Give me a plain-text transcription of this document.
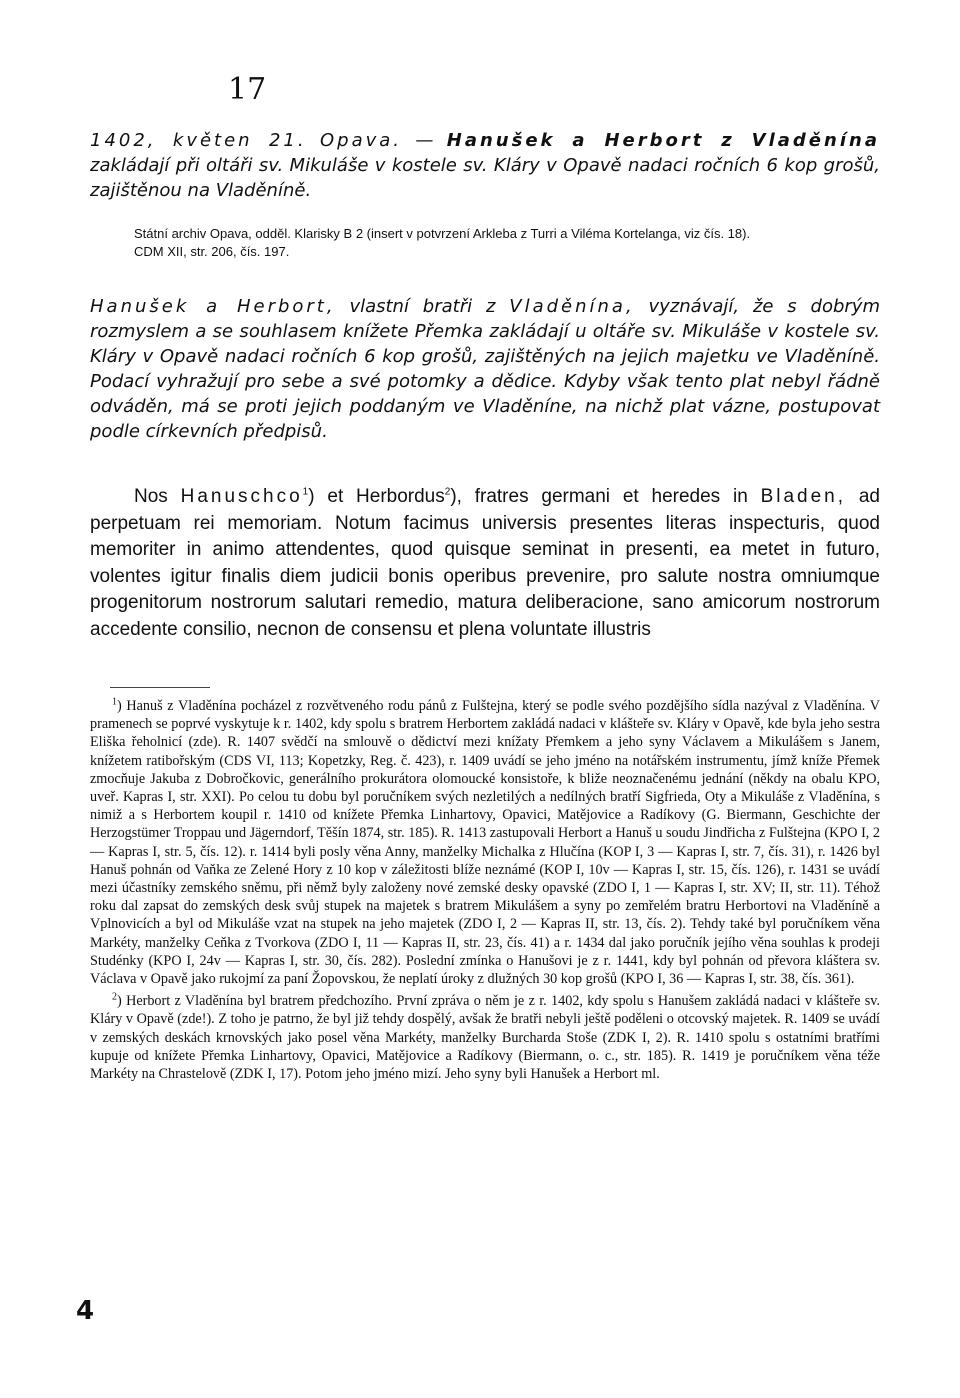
17
1402, květen 21. Opava. — Hanušek a Herbort z Vladěnína zakládají při oltáři sv. Mikuláše v kostele sv. Kláry v Opavě nadaci ročních 6 kop grošů, zajištěnou na Vladěníně.
Státní archiv Opava, odděl. Klarisky B 2 (insert v potvrzení Arkleba z Turri a Viléma Kortelanga, viz čís. 18).
CDM XII, str. 206, čís. 197.
Hanušek a Herbort, vlastní bratři z Vladěnína, vyznávají, že s dobrým rozmyslem a se souhlasem knížete Přemka zakládají u oltáře sv. Mikuláše v kostele sv. Kláry v Opavě nadaci ročních 6 kop grošů, zajištěných na jejich majetku ve Vladěníně. Podací vyhražují pro sebe a své potomky a dědice. Kdyby však tento plat nebyl řádně odváděn, má se proti jejich poddaným ve Vladěníne, na nichž plat vázne, postupovat podle církevních předpisů.
Nos Hanuschco$^1$) et Herbordus$^2$), fratres germani et heredes in Bladen, ad perpetuam rei memoriam. Notum facimus universis presentes literas inspecturis, quod memoriter in animo attendentes, quod quisque seminat in presenti, ea metet in futuro, volentes igitur finalis diem judicii bonis operibus prevenire, pro salute nostra omniumque progenitorum nostrorum salutari remedio, matura deliberacione, sano amicorum nostrorum accedente consilio, necnon de consensu et plena voluntate illustris

$^1$) Hanuš z Vladěnína pocházel z rozvětveného rodu pánů z Fulštejna, který se podle svého pozdějšího sídla nazýval z Vladěnína. V pramenech se poprvé vyskytuje k r. 1402, kdy spolu s bratrem Herbortem zakládá nadaci v klášteře sv. Kláry v Opavě, kde byla jeho sestra Eliška řeholnicí (zde). R. 1407 svědčí na smlouvě o dědictví mezi knížaty Přemkem a jeho syny Václavem a Mikulášem s Janem, knížetem ratibořským (CDS VI, 113; Kopetzky, Reg. č. 423), r. 1409 uvádí se jeho jméno na notářském instrumentu, jímž kníže Přemek zmocňuje Jakuba z Dobročkovic, generálního prokurátora olomoucké konsistoře, k bliže neoznačenému jednání (někdy na obalu KPO, uveř. Kapras I, str. XXI). Po celou tu dobu byl poručníkem svých nezletilých a nedílných bratří Sigfrieda, Oty a Mikuláše z Vladěnína, s nimiž a s Herbortem koupil r. 1410 od knížete Přemka Linhartovy, Opavici, Matějovice a Radíkovy (G. Biermann, Geschichte der Herzogstümer Troppau und Jägerndorf, Těšín 1874, str. 185). R. 1413 zastupovali Herbort a Hanuš u soudu Jindřicha z Fulštejna (KPO I, 2 — Kapras I, str. 5, čís. 12). r. 1414 byli posly věna Anny, manželky Michalka z Hlučína (KOP I, 3 — Kapras I, str. 7, čís. 31), r. 1426 byl Hanuš pohnán od Vaňka ze Zelené Hory z 10 kop v záležitosti blíže neznámé (KOP I, 10v — Kapras I, str. 15, čís. 126), r. 1431 se uvádí mezi účastníky zemského sněmu, při němž byly založeny nové zemské desky opavské (ZDO I, 1 — Kapras I, str. XV; II, str. 11). Téhož roku dal zapsat do zemských desk svůj stupek na majetek s bratrem Mikulášem a syny po zemřelém bratru Herbortovi na Vladěníně a Vplnovicích a byl od Mikuláše vzat na stupek na jeho majetek (ZDO I, 2 — Kapras II, str. 13, čís. 2). Tehdy také byl poručníkem věna Markéty, manželky Ceňka z Tvorkova (ZDO I, 11 — Kapras II, str. 23, čís. 41) a r. 1434 dal jako poručník jejího věna souhlas k prodeji Studénky (KPO I, 24v — Kapras I, str. 30, čís. 282). Poslední zmínka o Hanušovi je z r. 1441, kdy byl pohnán od převora kláštera sv. Václava v Opavě jako rukojmí za paní Žopovskou, že neplatí úroky z dlužných 30 kop grošů (KPO I, 36 — Kapras I, str. 38, čís. 361).

$^2$) Herbort z Vladěnína byl bratrem předchozího. První zpráva o něm je z r. 1402, kdy spolu s Hanušem zakládá nadaci v klášteře sv. Kláry v Opavě (zde!). Z toho je patrno, že byl již tehdy dospělý, avšak že bratři nebyli ještě poděleni o otcovský majetek. R. 1409 se uvádí v zemských deskách krnovských jako posel věna Markéty, manželky Burcharda Stoše (ZDK I, 2). R. 1410 spolu s ostatními bratřími kupuje od knížete Přemka Linhartovy, Opavici, Matějovice a Radíkovy (Biermann, o. c., str. 185). R. 1419 je poručníkem věna téže Markéty na Chrastelově (ZDK I, 17). Potom jeho jméno mizí. Jeho syny byli Hanušek a Herbort ml.

4
